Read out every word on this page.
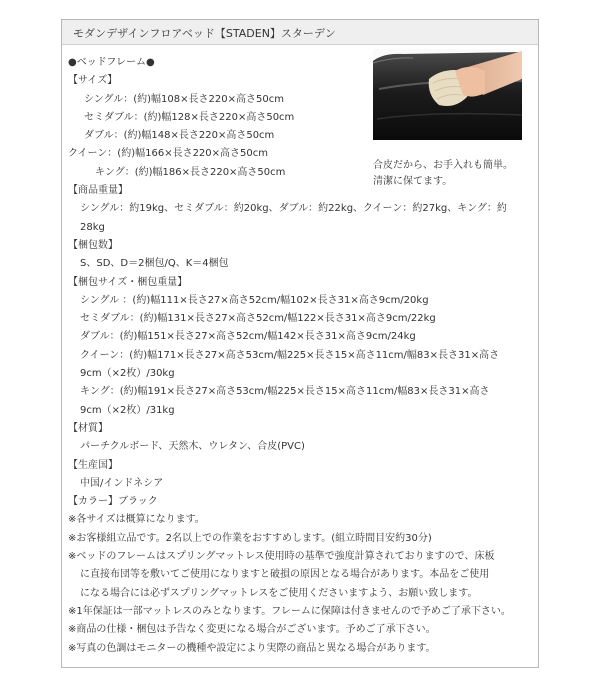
モダンデザインフロアベッド【STADEN】スターデン
●ベッドフレーム●
【サイズ】
シングル：(約)幅108×長さ220×高さ50cm
セミダブル：(約)幅128×長さ220×高さ50cm
ダブル：(約)幅148×長さ220×高さ50cm
クイーン：(約)幅166×長さ220×高さ50cm
キング：(約)幅186×長さ220×高さ50cm
【商品重量】
シングル：約19kg、セミダブル：約20kg、ダブル：約22kg、クイーン：約27kg、キング：約
28kg
【梱包数】
S、SD、D＝2梱包/Q、K＝4梱包
【梱包サイズ・梱包重量】
シングル ：(約)幅111×長さ27×高さ52cm/幅102×長さ31×高さ9cm/20kg
セミダブル：(約)幅131×長さ27×高さ52cm/幅122×長さ31×高さ9cm/22kg
ダブル：(約)幅151×長さ27×高さ52cm/幅142×長さ31×高さ9cm/24kg
クイーン：(約)幅171×長さ27×高さ53cm/幅225×長さ15×高さ11cm/幅83×長さ31×高さ
9cm（×2枚）/30kg
キング：(約)幅191×長さ27×高さ53cm/幅225×長さ15×高さ11cm/幅83×長さ31×高さ
9cm（×2枚）/31kg
【材質】
パーチクルボード、天然木、ウレタン、合皮(PVC)
【生産国】
中国/インドネシア
【カラー】ブラック
※各サイズは概算になります。
※お客様組立品です。2名以上での作業をおすすめします。(組立時間目安約30分)
※ベッドのフレームはスプリングマットレス使用時の基準で強度計算されておりますので、床板
に直接布団等を敷いてご使用になりますと破損の原因となる場合があります。本品をご使用
になる場合には必ずスプリングマットレスをご使用くださいますよう、お願い致します。
※1年保証は一部マットレスのみとなります。フレームに保障は付きませんので予めご了承下さい。
※商品の仕様・梱包は予告なく変更になる場合がございます。予めご了承下さい。
※写真の色調はモニターの機種や設定により実際の商品と異なる場合があります。
合皮だから、お手入れも簡単。
清潔に保てます。
